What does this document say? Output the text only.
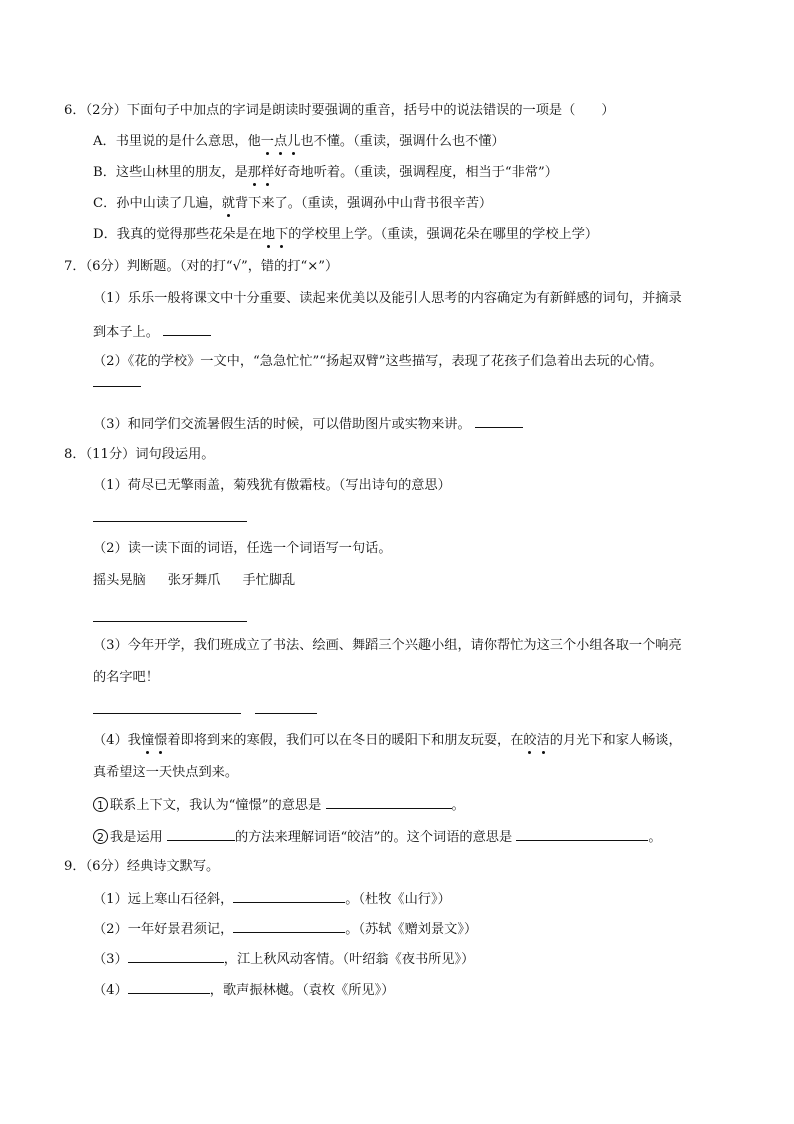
6．（2分）下面句子中加点的字词是朗读时要强调的重音，括号中的说法错误的一项是（ ）
A．书里说的是什么意思，他一点儿也不懂。（重读，强调什么也不懂）
B．这些山林里的朋友，是那样好奇地听着。（重读，强调程度，相当于“非常”）
C．孙中山读了几遍，就背下来了。（重读，强调孙中山背书很辛苦）
D．我真的觉得那些花朵是在地下的学校里上学。（重读，强调花朵在哪里的学校上学）
7．（6分）判断题。（对的打“√”，错的打“×”）
（1）乐乐一般将课文中十分重要、读起来优美以及能引人思考的内容确定为有新鲜感的词句，并摘录
到本子上。
（2）《花的学校》一文中，“急急忙忙”“扬起双臂”这些描写，表现了花孩子们急着出去玩的心情。
（3）和同学们交流暑假生活的时候，可以借助图片或实物来讲。
8．（11分）词句段运用。
（1）荷尽已无擎雨盖，菊残犹有傲霜枝。（写出诗句的意思）
（2）读一读下面的词语，任选一个词语写一句话。
摇头晃脑 张牙舞爪 手忙脚乱
（3）今年开学，我们班成立了书法、绘画、舞蹈三个兴趣小组，请你帮忙为这三个小组各取一个响亮
的名字吧！
（4）我憧憬着即将到来的寒假，我们可以在冬日的暖阳下和朋友玩耍，在皎洁的月光下和家人畅谈，
真希望这一天快点到来。
1 联系上下文，我认为“憧憬”的意思是	。
2 我是运用	的方法来理解词语“皎洁”的。这个词语的意思是	。
9．（6分）经典诗文默写。
（1）远上寒山石径斜，	。（杜牧《山行》）
（2）一年好景君须记，	。（苏轼《赠刘景文》）
（3）	，江上秋风动客情。（叶绍翁《夜书所见》）
（4）	，歌声振林樾。（袁枚《所见》）
